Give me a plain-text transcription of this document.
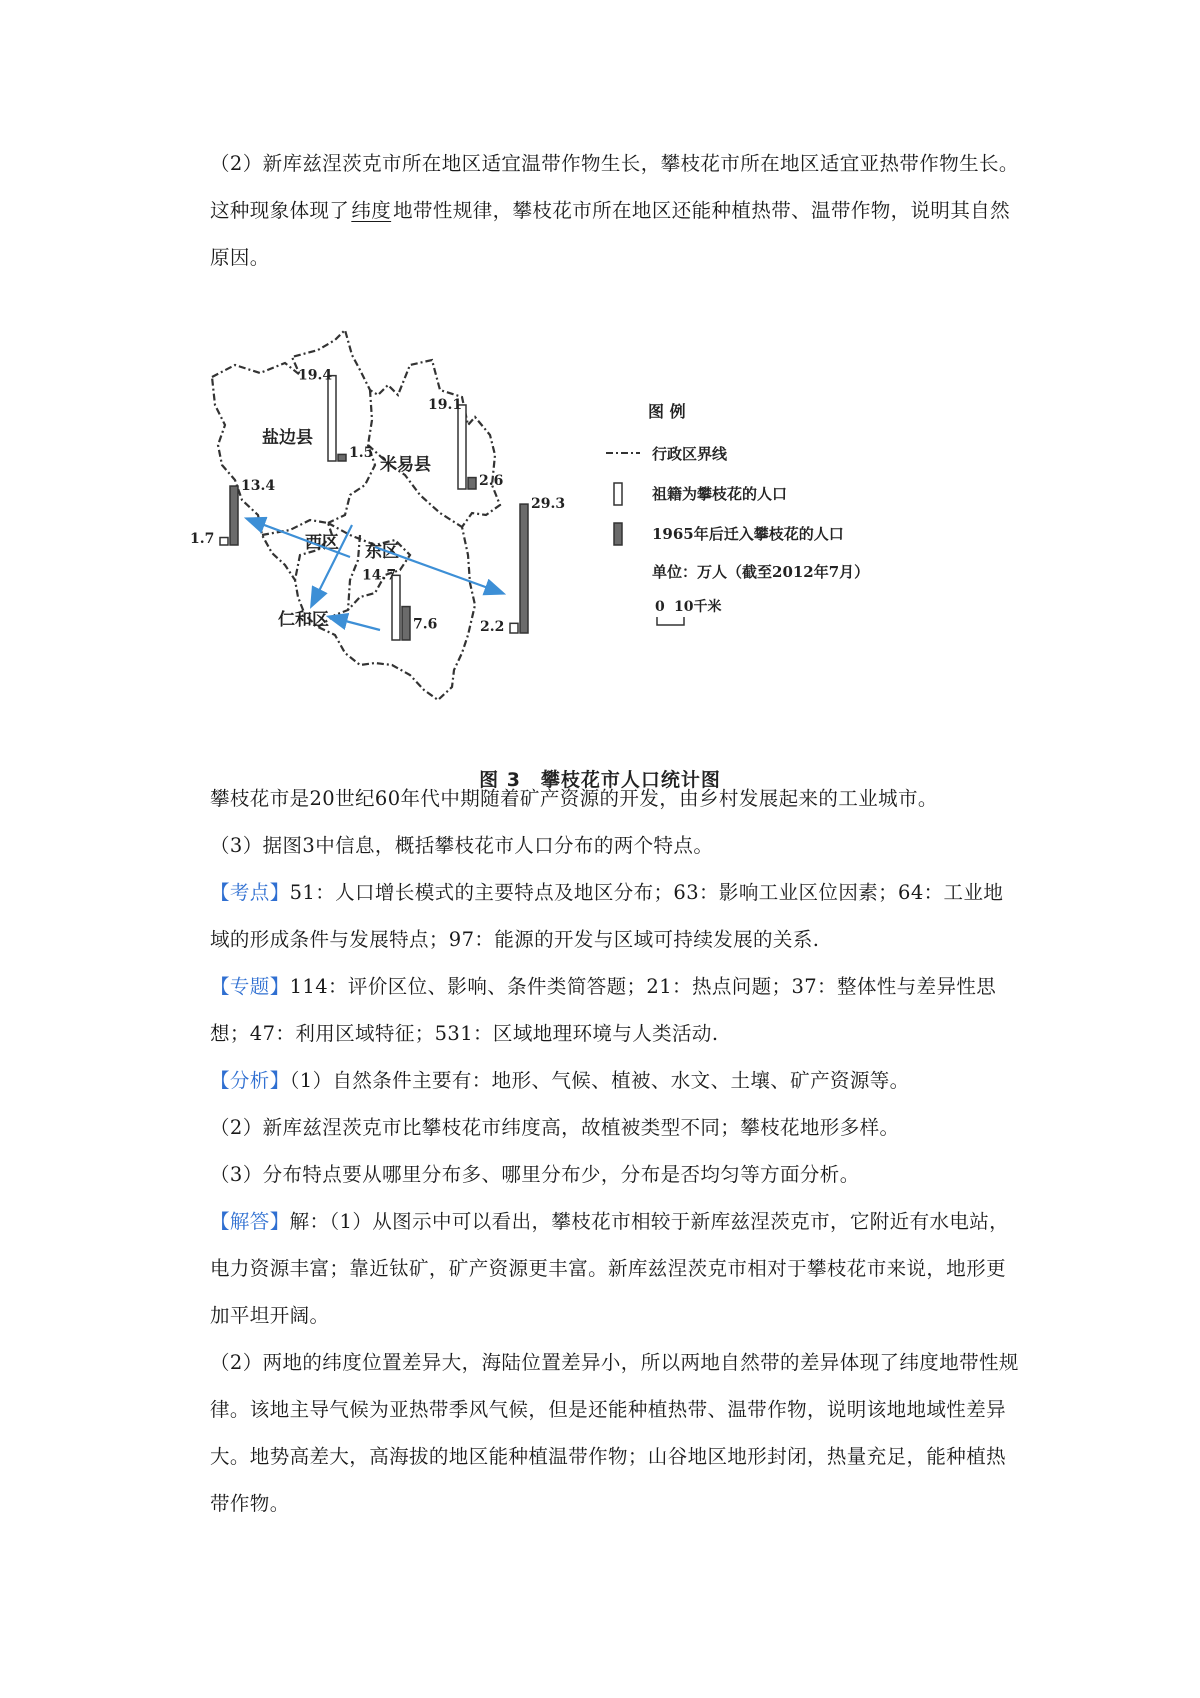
（2）新库兹涅茨克市所在地区适宜温带作物生长，攀枝花市所在地区适宜亚热带作物生长。这种现象体现了 纬度 地带性规律，攀枝花市所在地区还能种植热带、温带作物，说明其自然原因。
盐边县
米易县
西区 东区
仁和区
19.4
1.5
19.1
2.6
1.7
13.4
2.2
29.3
14.7
7.6
图 例
行政区界线
祖籍为攀枝花的人口
1965年后迁入攀枝花的人口
单位：万人（截至2012年7月）
0 10千米
图 3　攀枝花市人口统计图
攀枝花市是20世纪60年代中期随着矿产资源的开发，由乡村发展起来的工业城市。
（3）据图3中信息，概括攀枝花市人口分布的两个特点。
【考点】51：人口增长模式的主要特点及地区分布；63：影响工业区位因素；64：工业地域的形成条件与发展特点；97：能源的开发与区域可持续发展的关系.
【专题】114：评价区位、影响、条件类简答题；21：热点问题；37：整体性与差异性思想；47：利用区域特征；531：区域地理环境与人类活动.
【分析】（1）自然条件主要有：地形、气候、植被、水文、土壤、矿产资源等。
（2）新库兹涅茨克市比攀枝花市纬度高，故植被类型不同；攀枝花地形多样。
（3）分布特点要从哪里分布多、哪里分布少，分布是否均匀等方面分析。
【解答】解：（1）从图示中可以看出，攀枝花市相较于新库兹涅茨克市，它附近有水电站，电力资源丰富；靠近钛矿，矿产资源更丰富。新库兹涅茨克市相对于攀枝花市来说，地形更加平坦开阔。
（2）两地的纬度位置差异大，海陆位置差异小，所以两地自然带的差异体现了纬度地带性规律。该地主导气候为亚热带季风气候，但是还能种植热带、温带作物，说明该地地域性差异大。地势高差大，高海拔的地区能种植温带作物；山谷地区地形封闭，热量充足，能种植热带作物。
